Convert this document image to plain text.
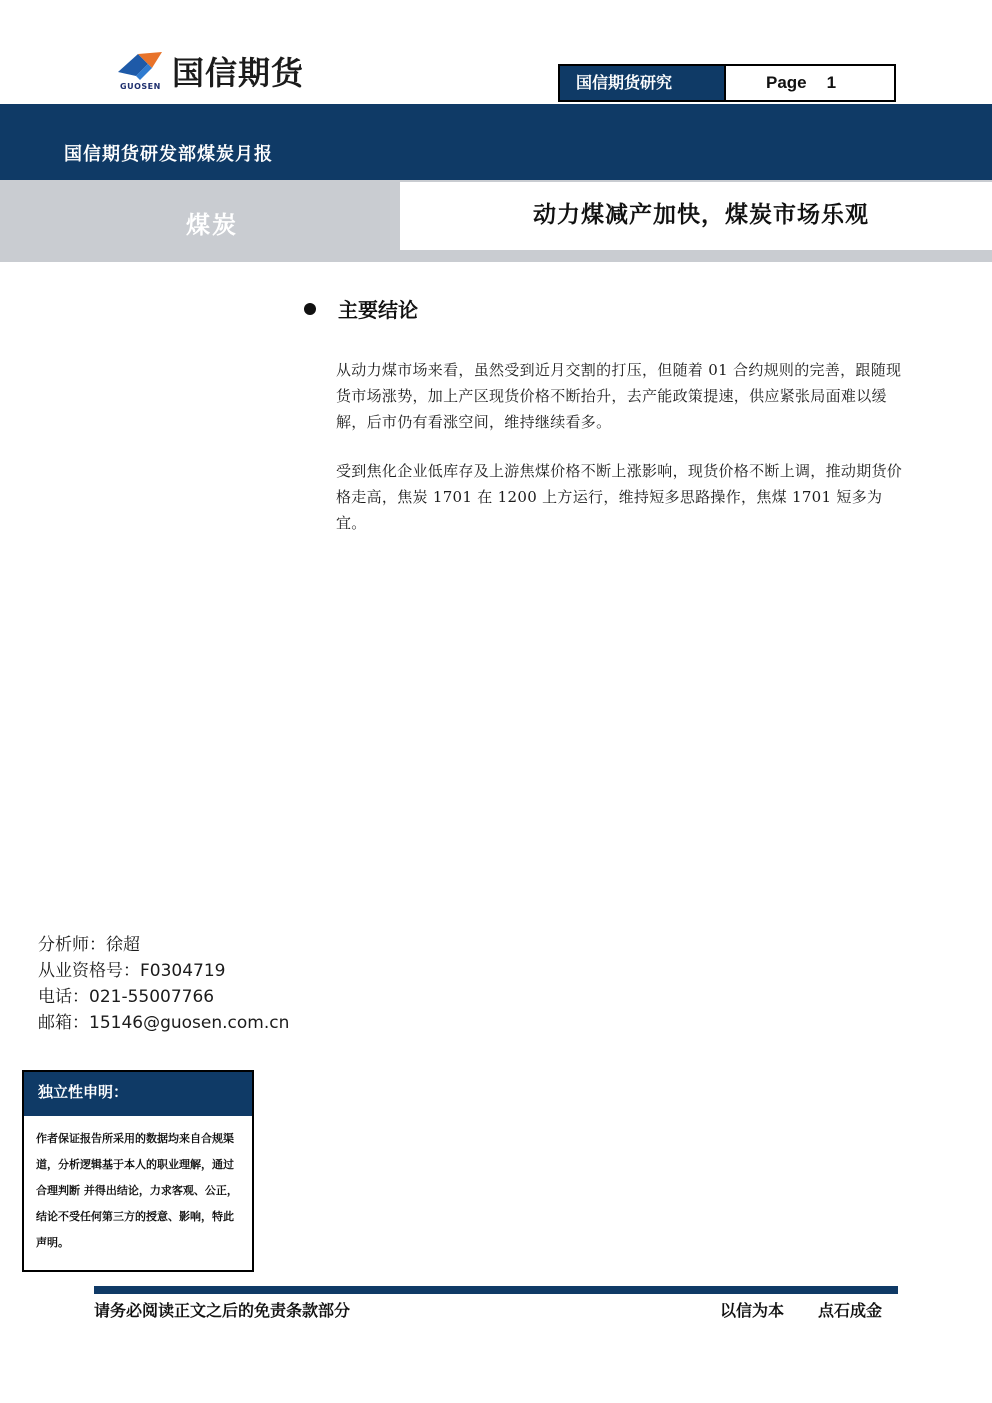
GUOSEN 国信期货	国信期货研究	Page 1
国信期货研发部煤炭月报
煤炭	动力煤减产加快，煤炭市场乐观
2016 年 8 月 28 日
主要结论

从动力煤市场来看，虽然受到近月交割的打压，但随着 01 合约规则的完善，跟随现货市场涨势，加上产区现货价格不断抬升，去产能政策提速，供应紧张局面难以缓解，后市仍有看涨空间，维持继续看多。

受到焦化企业低库存及上游焦煤价格不断上涨影响，现货价格不断上调，推动期货价格走高，焦炭 1701 在 1200 上方运行，维持短多思路操作，焦煤 1701 短多为宜。

分析师：徐超
从业资格号：F0304719
电话：021-55007766
邮箱：15146@guosen.com.cn
独立性申明：
作者保证报告所采用的数据均来自合规渠道，分析逻辑基于本人的职业理解，通过合理判断 并得出结论，力求客观、公正，结论不受任何第三方的授意、影响，特此声明。
请务必阅读正文之后的免责条款部分	以信为本 点石成金
